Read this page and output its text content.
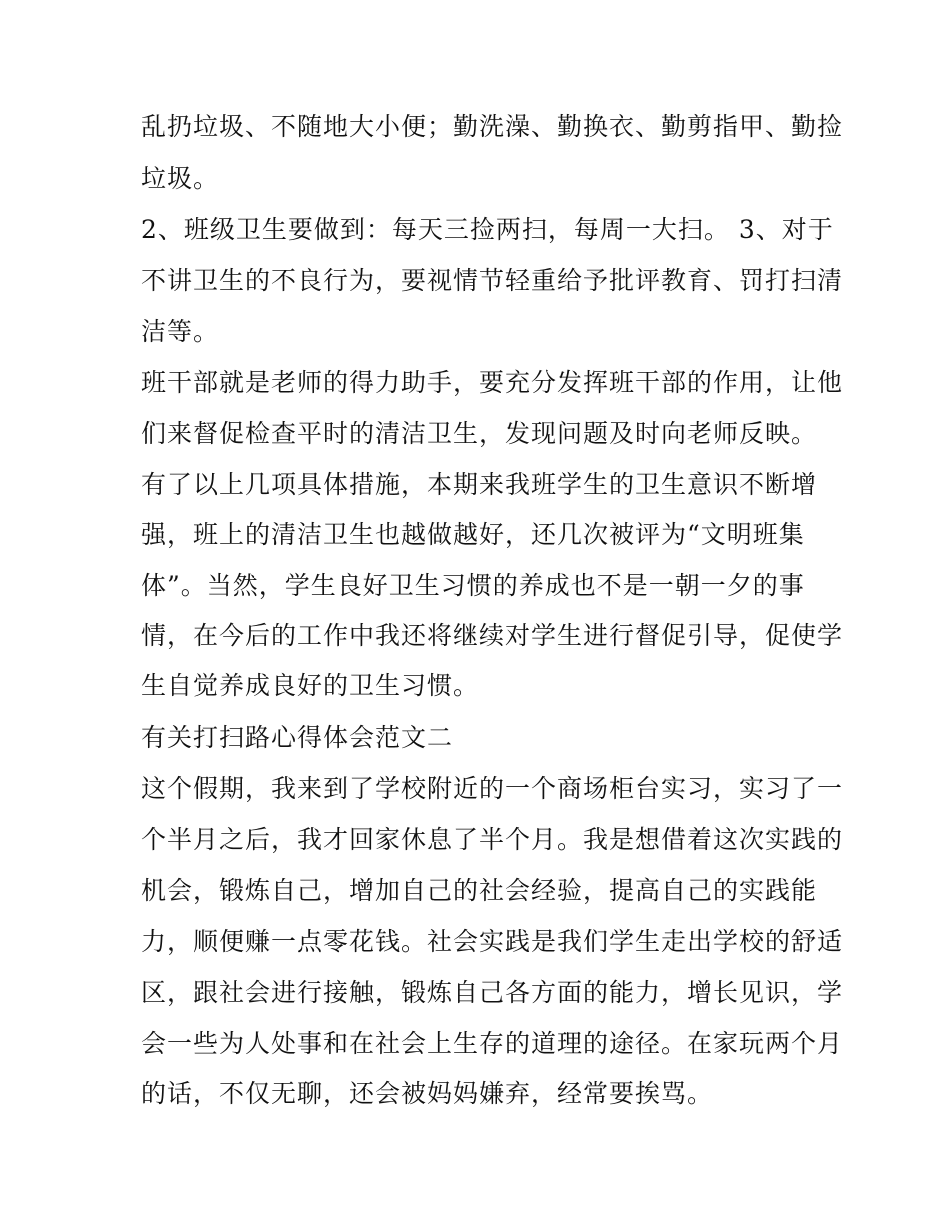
乱扔垃圾、不随地大小便；勤洗澡、勤换衣、勤剪指甲、勤捡
垃圾。
2、班级卫生要做到：每天三捡两扫，每周一大扫。 3、对于
不讲卫生的不良行为，要视情节轻重给予批评教育、罚打扫清
洁等。
班干部就是老师的得力助手，要充分发挥班干部的作用，让他
们来督促检查平时的清洁卫生，发现问题及时向老师反映。
有了以上几项具体措施，本期来我班学生的卫生意识不断增
强，班上的清洁卫生也越做越好，还几次被评为“文明班集
体”。当然，学生良好卫生习惯的养成也不是一朝一夕的事
情，在今后的工作中我还将继续对学生进行督促引导，促使学
生自觉养成良好的卫生习惯。
有关打扫路心得体会范文二
这个假期，我来到了学校附近的一个商场柜台实习，实习了一
个半月之后，我才回家休息了半个月。我是想借着这次实践的
机会，锻炼自己，增加自己的社会经验，提高自己的实践能
力，顺便赚一点零花钱。社会实践是我们学生走出学校的舒适
区，跟社会进行接触，锻炼自己各方面的能力，增长见识，学
会一些为人处事和在社会上生存的道理的途径。在家玩两个月
的话，不仅无聊，还会被妈妈嫌弃，经常要挨骂。
